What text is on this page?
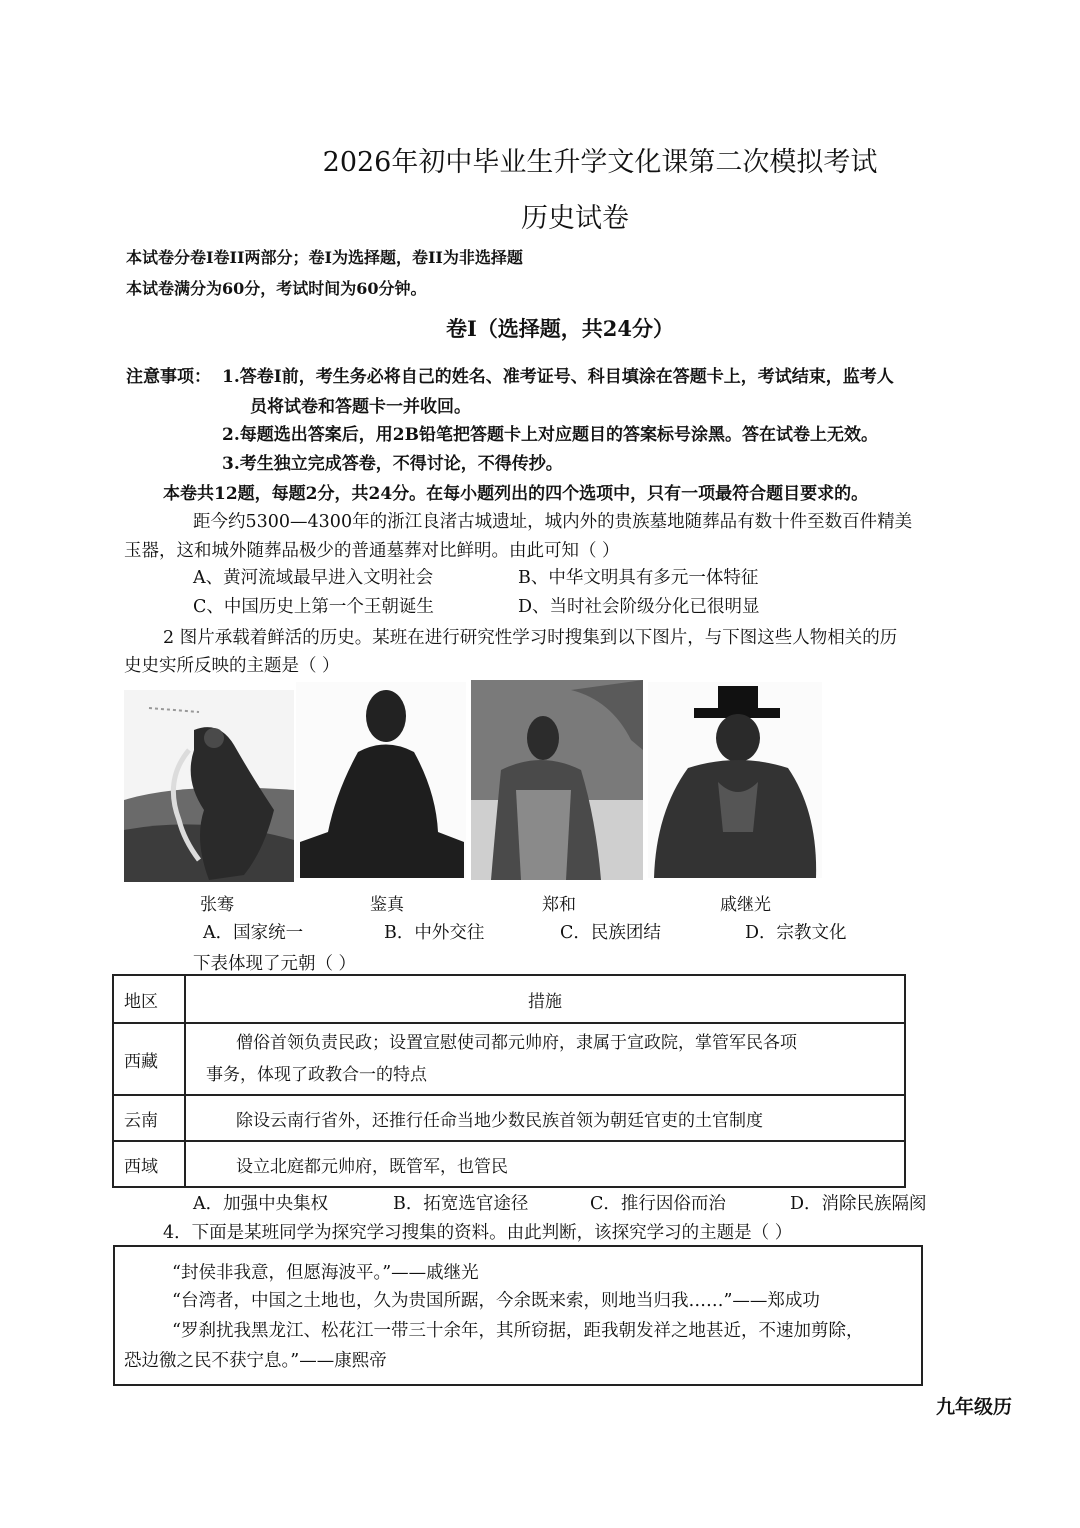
2026年初中毕业生升学文化课第二次模拟考试
历史试卷
本试卷分卷I卷II两部分；卷I为选择题，卷II为非选择题
本试卷满分为60分，考试时间为60分钟。
卷I（选择题，共24分）
注意事项： 1.答卷I前，考生务必将自己的姓名、准考证号、科目填涂在答题卡上，考试结束，监考人
员将试卷和答题卡一并收回。
2.每题选出答案后，用2B铅笔把答题卡上对应题目的答案标号涂黑。答在试卷上无效。
3.考生独立完成答卷，不得讨论，不得传抄。
本卷共12题，每题2分，共24分。在每小题列出的四个选项中，只有一项最符合题目要求的。
距今约5300—4300年的浙江良渚古城遗址，城内外的贵族墓地随葬品有数十件至数百件精美
玉器，这和城外随葬品极少的普通墓葬对比鲜明。由此可知（ ）
A、黄河流域最早进入文明社会	B、中华文明具有多元一体特征
C、中国历史上第一个王朝诞生	D、当时社会阶级分化已很明显
2 图片承载着鲜活的历史。某班在进行研究性学习时搜集到以下图片，与下图这些人物相关的历
史史实所反映的主题是（ ）
张骞	鉴真	郑和	戚继光
A．国家统一	B．中外交往	C．民族团结	D．宗教文化
下表体现了元朝（ ）
地区	措施
西藏	僧俗首领负责民政；设置宣慰使司都元帅府，隶属于宣政院，掌管军民各项
事务，体现了政教合一的特点

云南	除设云南行省外，还推行任命当地少数民族首领为朝廷官吏的土官制度
西域	设立北庭都元帅府，既管军，也管民
A．加强中央集权	B．拓宽选官途径	C．推行因俗而治	D．消除民族隔阂
4．下面是某班同学为探究学习搜集的资料。由此判断，该探究学习的主题是（ ）
“封侯非我意，但愿海波平。”——戚继光
“台湾者，中国之土地也，久为贵国所踞，今余既来索，则地当归我……”——郑成功
“罗刹扰我黑龙江、松花江一带三十余年，其所窃据，距我朝发祥之地甚近，不速加剪除，
恐边徼之民不获宁息。”——康熙帝
九年级历
